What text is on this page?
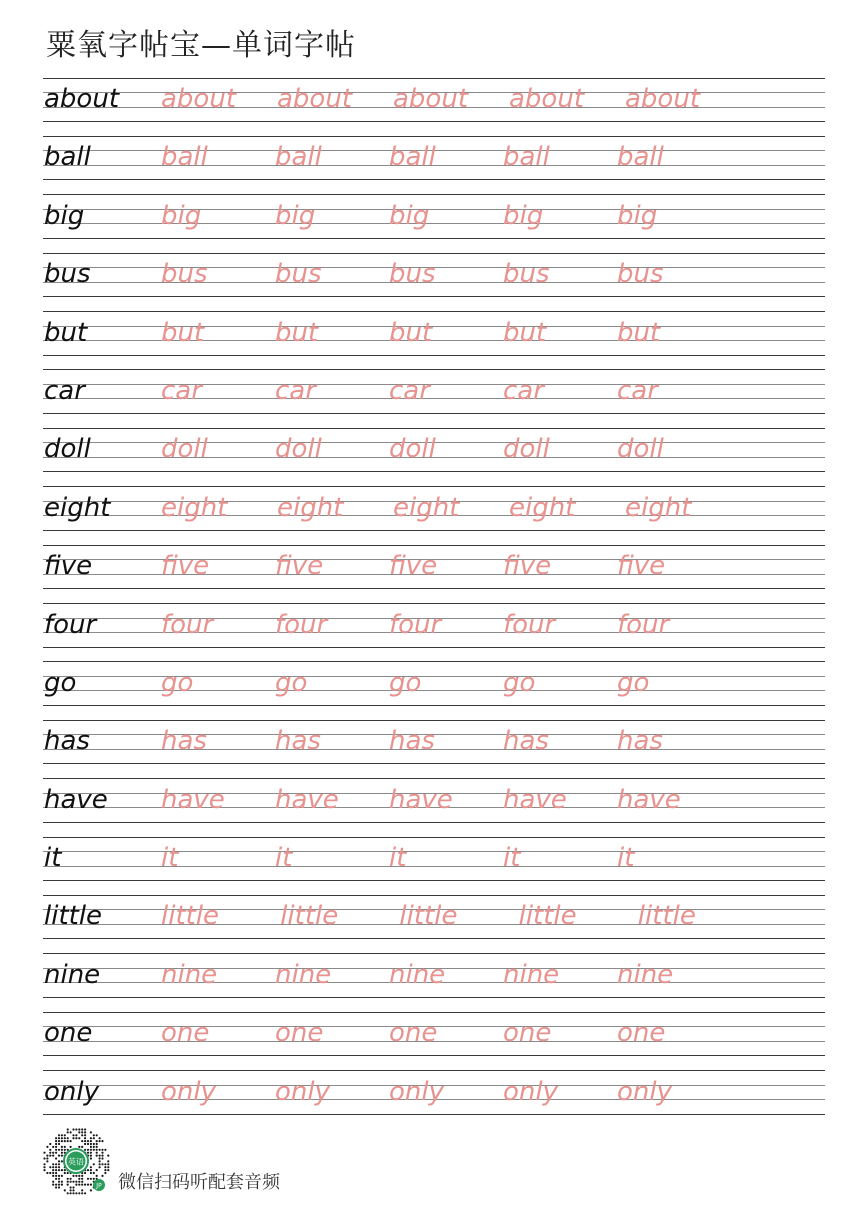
粟氧字帖宝—单词字帖
about about about about about about
ball	ball	ball	ball	ball	ball
big	big	big	big	big	big
bus	bus	bus	bus	bus	bus
but	but	but	but	but	but
car	car	car	car	car	car
doll	doll	doll	doll	doll	doll
eight eight eight eight eight eight
five	five	five	five	five	five
four four four four four four
go	go	go	go	go	go
has	has	has	has	has	has
have have have have have have
it	it	it	it	it	it
little little little little little little
nine nine nine nine nine nine
one	one	one	one	one	one
only only only only only only
英语
JP 微信扫码听配套音频
